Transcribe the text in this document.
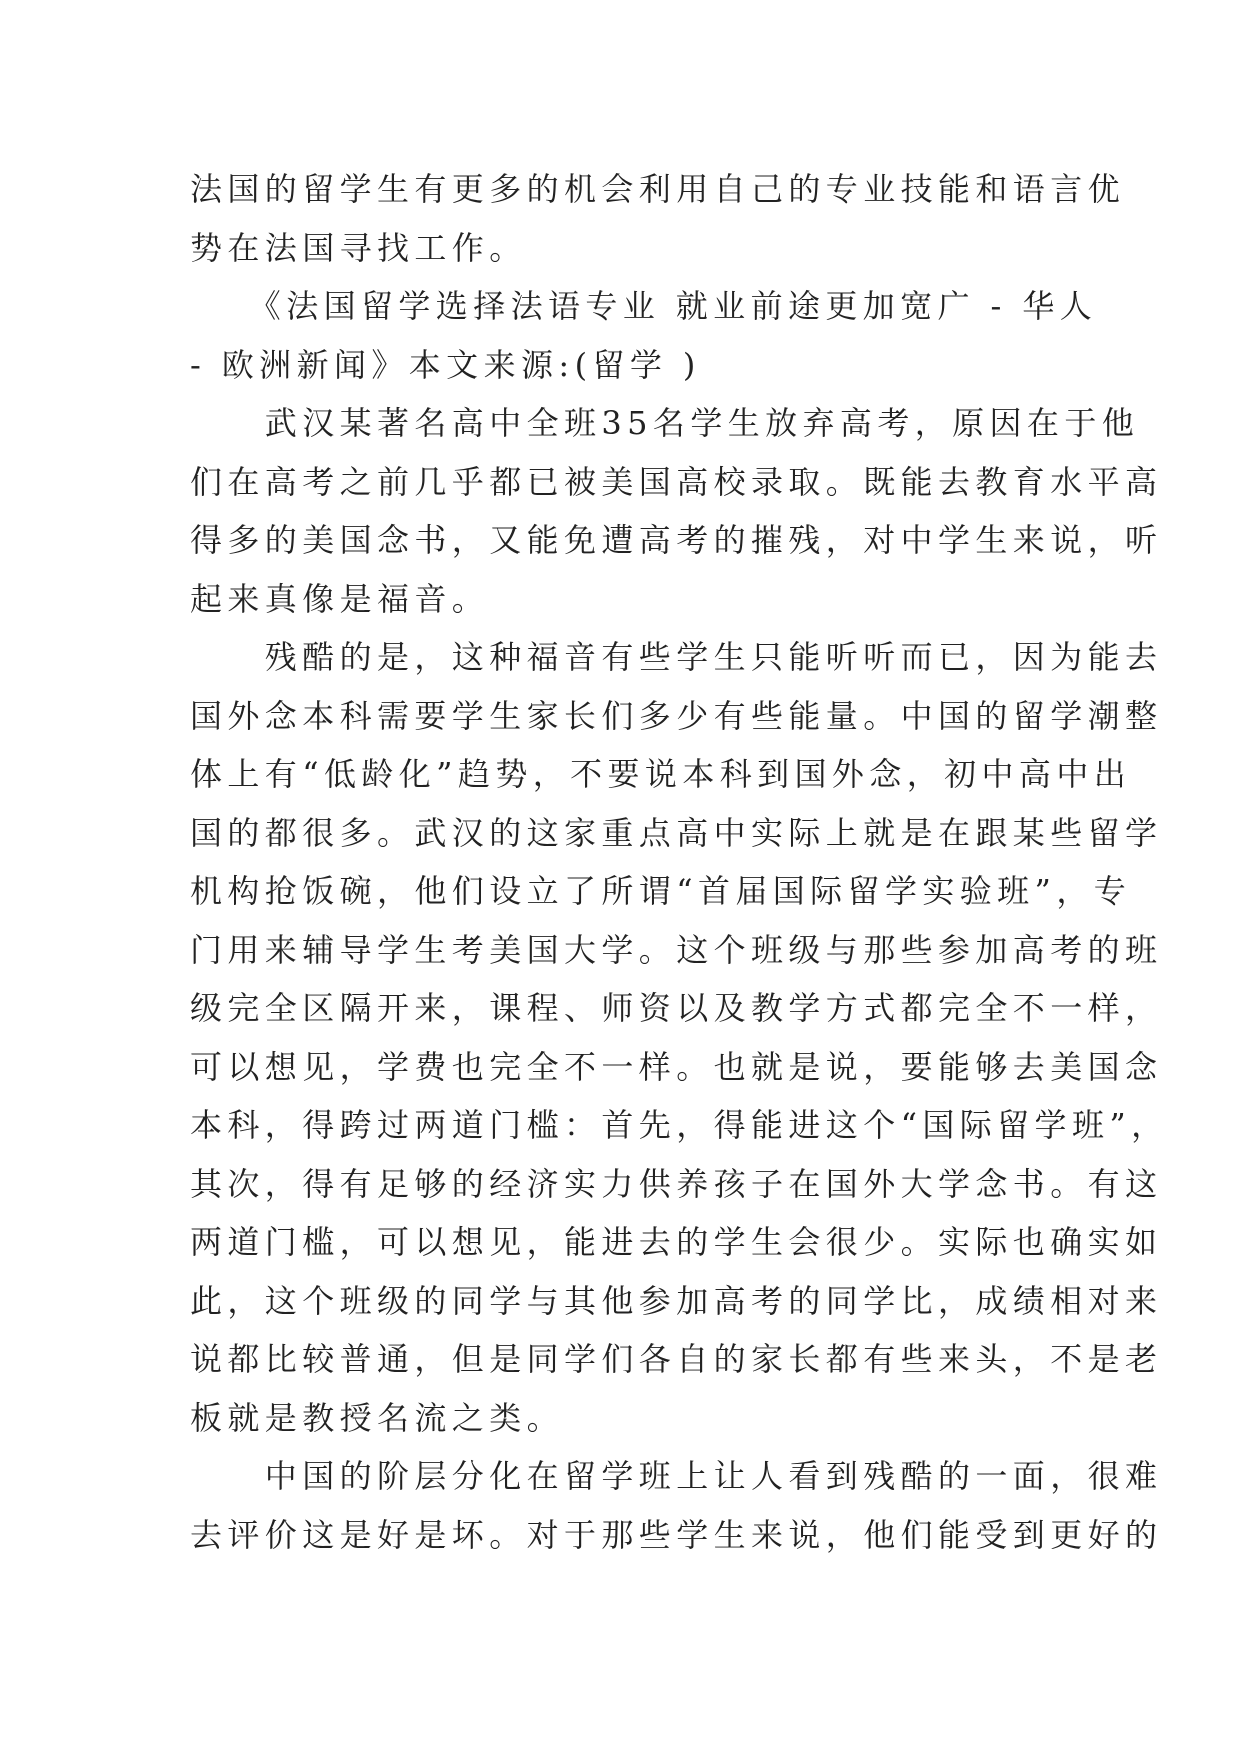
法国的留学生有更多的机会利用自己的专业技能和语言优
势在法国寻找工作。
　　《法国留学选择法语专业 就业前途更加宽广 - 华人
- 欧洲新闻》本文来源:(留学 )
　　武汉某著名高中全班35名学生放弃高考，原因在于他
们在高考之前几乎都已被美国高校录取。既能去教育水平高
得多的美国念书，又能免遭高考的摧残，对中学生来说，听
起来真像是福音。
　　残酷的是，这种福音有些学生只能听听而已，因为能去
国外念本科需要学生家长们多少有些能量。中国的留学潮整
体上有“低龄化”趋势，不要说本科到国外念，初中高中出
国的都很多。武汉的这家重点高中实际上就是在跟某些留学
机构抢饭碗，他们设立了所谓“首届国际留学实验班”，专
门用来辅导学生考美国大学。这个班级与那些参加高考的班
级完全区隔开来，课程、师资以及教学方式都完全不一样，
可以想见，学费也完全不一样。也就是说，要能够去美国念
本科，得跨过两道门槛：首先，得能进这个“国际留学班”，
其次，得有足够的经济实力供养孩子在国外大学念书。有这
两道门槛，可以想见，能进去的学生会很少。实际也确实如
此，这个班级的同学与其他参加高考的同学比，成绩相对来
说都比较普通，但是同学们各自的家长都有些来头，不是老
板就是教授名流之类。
　　中国的阶层分化在留学班上让人看到残酷的一面，很难
去评价这是好是坏。对于那些学生来说，他们能受到更好的
